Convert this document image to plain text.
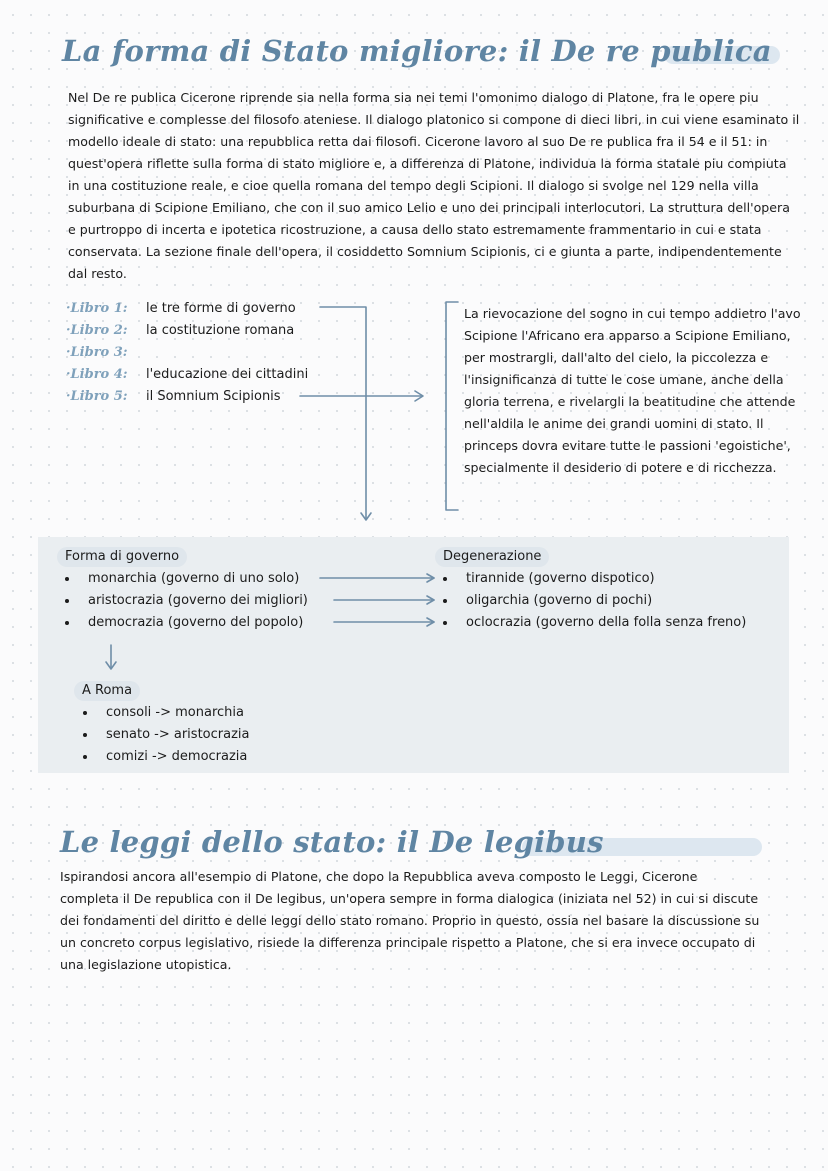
La forma di Stato migliore: il De re publica

Nel De re publica Cicerone riprende sia nella forma sia nei temi l'omonimo dialogo di Platone, fra le opere piu significative e complesse del filosofo ateniese. Il dialogo platonico si compone di dieci libri, in cui viene esaminato il modello ideale di stato: una repubblica retta dai filosofi. Cicerone lavoro al suo De re publica fra il 54 e il 51: in quest'opera riflette sulla forma di stato migliore e, a differenza di Platone, individua la forma statale piu compiuta in una costituzione reale, e cioe quella romana del tempo degli Scipioni. Il dialogo si svolge nel 129 nella villa suburbana di Scipione Emiliano, che con il suo amico Lelio e uno dei principali interlocutori. La struttura dell'opera e purtroppo di incerta e ipotetica ricostruzione, a causa dello stato estremamente frammentario in cui e stata conservata. La sezione finale dell'opera, il cosiddetto Somnium Scipionis, ci e giunta a parte, indipendentemente dal resto.

·Libro 1: le tre forme di governo
·Libro 2: la costituzione romana
·Libro 3:
·Libro 4: l'educazione dei cittadini
·Libro 5: il Somnium Scipionis

La rievocazione del sogno in cui tempo addietro l'avo Scipione l'Africano era apparso a Scipione Emiliano, per mostrargli, dall'alto del cielo, la piccolezza e l'insignificanza di tutte le cose umane, anche della gloria terrena, e rivelargli la beatitudine che attende nell'aldila le anime dei grandi uomini di stato. Il princeps dovra evitare tutte le passioni 'egoistiche', specialmente il desiderio di potere e di ricchezza.

Forma di governo
monarchia (governo di uno solo)
aristocrazia (governo dei migliori)
democrazia (governo del popolo)
Degenerazione
tirannide (governo dispotico)
oligarchia (governo di pochi)
oclocrazia (governo della folla senza freno)
A Roma
consoli -> monarchia
senato -> aristocrazia
comizi -> democrazia
Le leggi dello stato: il De legibus

Ispirandosi ancora all'esempio di Platone, che dopo la Repubblica aveva composto le Leggi, Cicerone completa il De republica con il De legibus, un'opera sempre in forma dialogica (iniziata nel 52) in cui si discute dei fondamenti del diritto e delle leggi dello stato romano. Proprio in questo, ossia nel basare la discussione su un concreto corpus legislativo, risiede la differenza principale rispetto a Platone, che si era invece occupato di una legislazione utopistica.
